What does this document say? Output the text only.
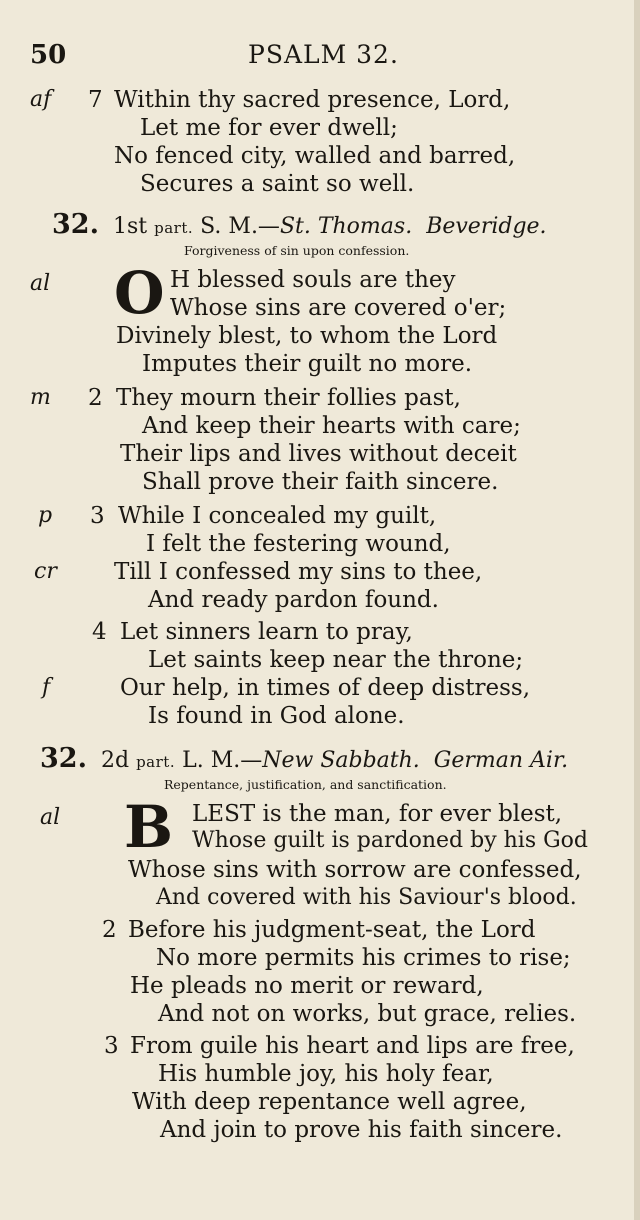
50	PSALM 32.
af 7 Within thy sacred presence, Lord,
Let me for ever dwell;
No fenced city, walled and barred,
Secures a saint so well.
32. 1st part. S. M.—St. Thomas. Beveridge.
Forgiveness of sin upon confession.
al O H blessed souls are they
Whose sins are covered o'er;
Divinely blest, to whom the Lord
Imputes their guilt no more.
m 2 They mourn their follies past,
And keep their hearts with care;
Their lips and lives without deceit
Shall prove their faith sincere.
p 3 While I concealed my guilt,
I felt the festering wound,
cr Till I confessed my sins to thee,
And ready pardon found.
4 Let sinners learn to pray,
Let saints keep near the throne;
f	Our help, in times of deep distress,
Is found in God alone.
32. 2d part. L. M.—New Sabbath. German Air.
Repentance, justification, and sanctification.
al B LEST is the man, for ever blest,
Whose guilt is pardoned by his God
Whose sins with sorrow are confessed,
And covered with his Saviour's blood.
2 Before his judgment-seat, the Lord
No more permits his crimes to rise;
He pleads no merit or reward,
And not on works, but grace, relies.
3 From guile his heart and lips are free,
His humble joy, his holy fear,
With deep repentance well agree,
And join to prove his faith sincere.
